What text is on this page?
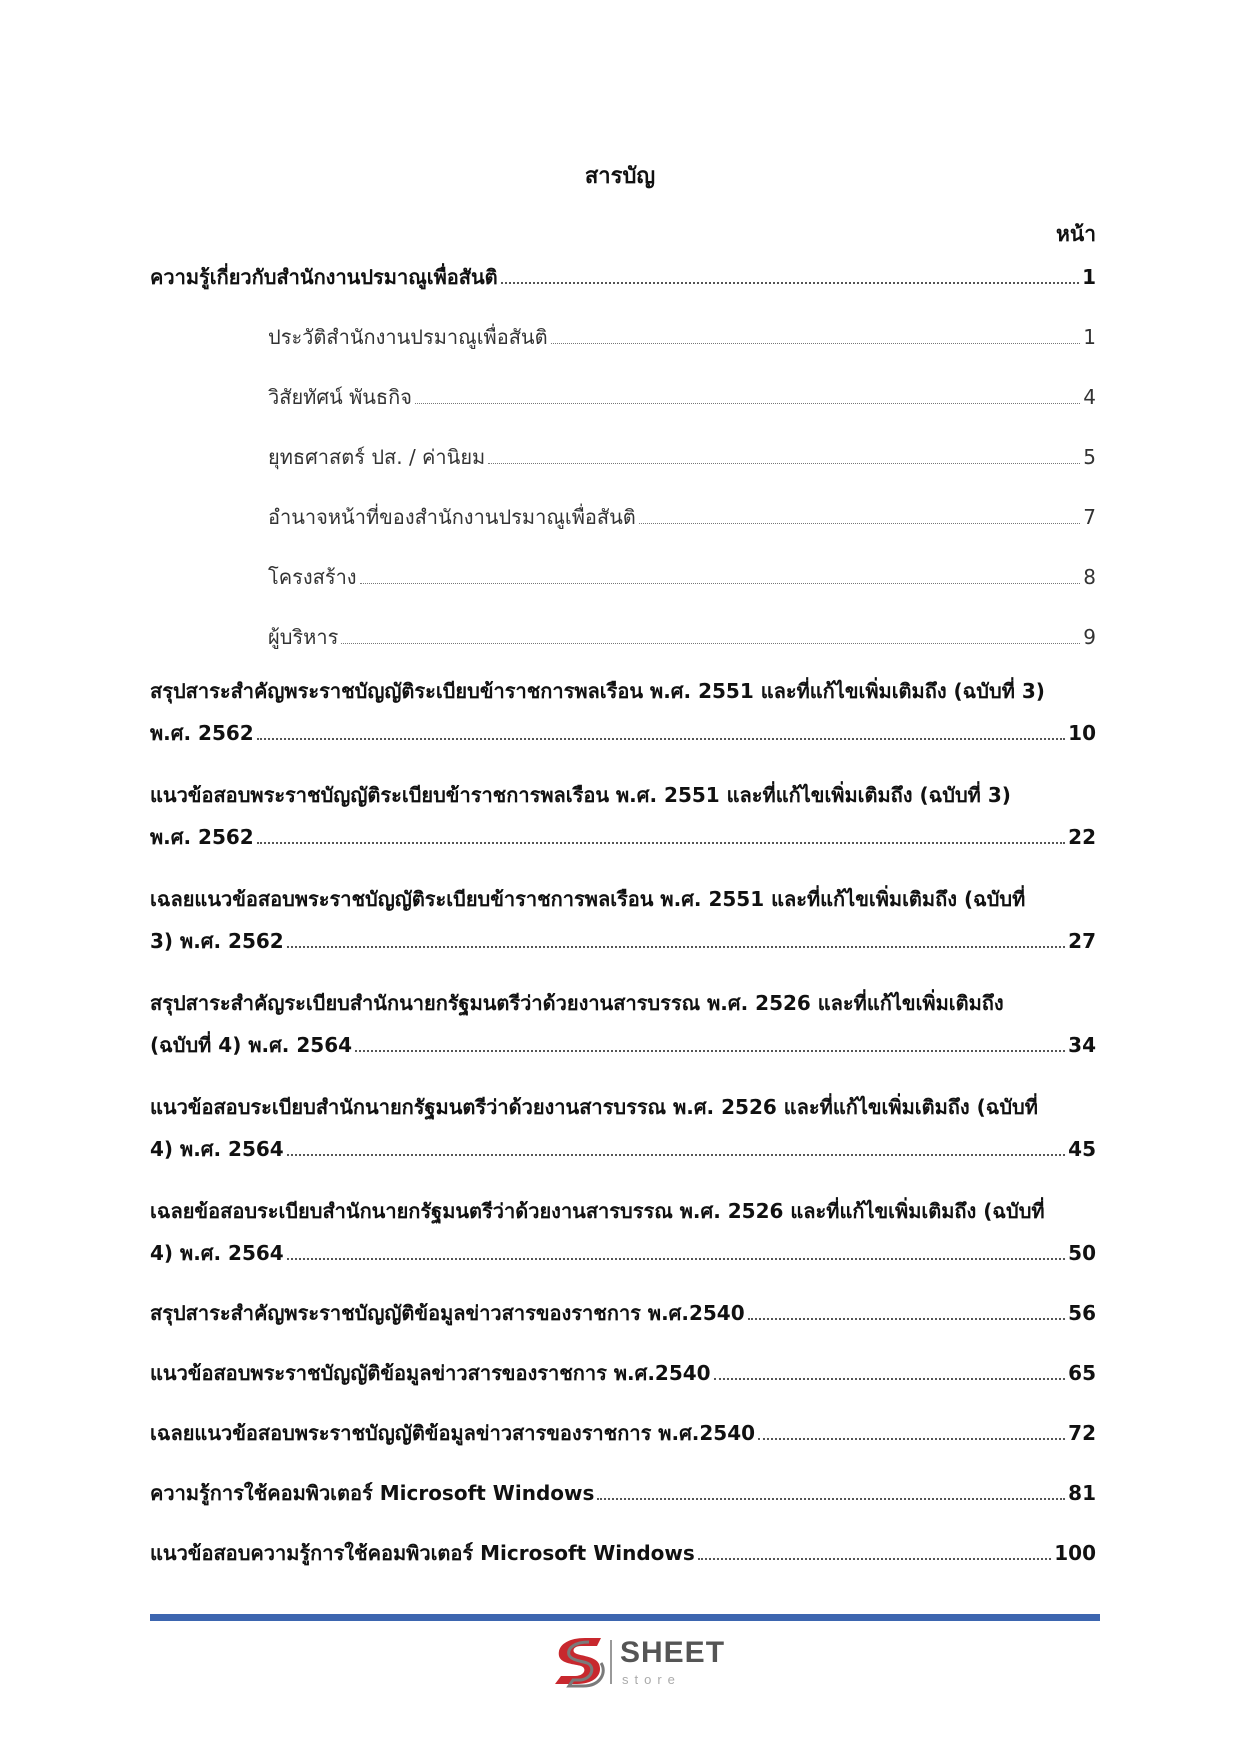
สารบัญ
หน้า
ความรู้เกี่ยวกับสำนักงานปรมาณูเพื่อสันติ	1
ประวัติสำนักงานปรมาณูเพื่อสันติ	1
วิสัยทัศน์ พันธกิจ	4
ยุทธศาสตร์ ปส. / ค่านิยม	5
อำนาจหน้าที่ของสำนักงานปรมาณูเพื่อสันติ	7
โครงสร้าง	8
ผู้บริหาร	9
สรุปสาระสำคัญพระราชบัญญัติระเบียบข้าราชการพลเรือน พ.ศ. 2551 และที่แก้ไขเพิ่มเติมถึง (ฉบับที่ 3)
พ.ศ. 2562	10
แนวข้อสอบพระราชบัญญัติระเบียบข้าราชการพลเรือน พ.ศ. 2551 และที่แก้ไขเพิ่มเติมถึง (ฉบับที่ 3)
พ.ศ. 2562	22
เฉลยแนวข้อสอบพระราชบัญญัติระเบียบข้าราชการพลเรือน พ.ศ. 2551 และที่แก้ไขเพิ่มเติมถึง (ฉบับที่
3) พ.ศ. 2562	27
สรุปสาระสำคัญระเบียบสำนักนายกรัฐมนตรีว่าด้วยงานสารบรรณ พ.ศ. 2526 และที่แก้ไขเพิ่มเติมถึง
(ฉบับที่ 4) พ.ศ. 2564	34
แนวข้อสอบระเบียบสำนักนายกรัฐมนตรีว่าด้วยงานสารบรรณ พ.ศ. 2526 และที่แก้ไขเพิ่มเติมถึง (ฉบับที่
4) พ.ศ. 2564	45
เฉลยข้อสอบระเบียบสำนักนายกรัฐมนตรีว่าด้วยงานสารบรรณ พ.ศ. 2526 และที่แก้ไขเพิ่มเติมถึง (ฉบับที่
4) พ.ศ. 2564	50
สรุปสาระสำคัญพระราชบัญญัติข้อมูลข่าวสารของราชการ พ.ศ.2540	56
แนวข้อสอบพระราชบัญญัติข้อมูลข่าวสารของราชการ พ.ศ.2540	65
เฉลยแนวข้อสอบพระราชบัญญัติข้อมูลข่าวสารของราชการ พ.ศ.2540	72
ความรู้การใช้คอมพิวเตอร์ Microsoft Windows	81
แนวข้อสอบความรู้การใช้คอมพิวเตอร์ Microsoft Windows	100
SHEET
store
